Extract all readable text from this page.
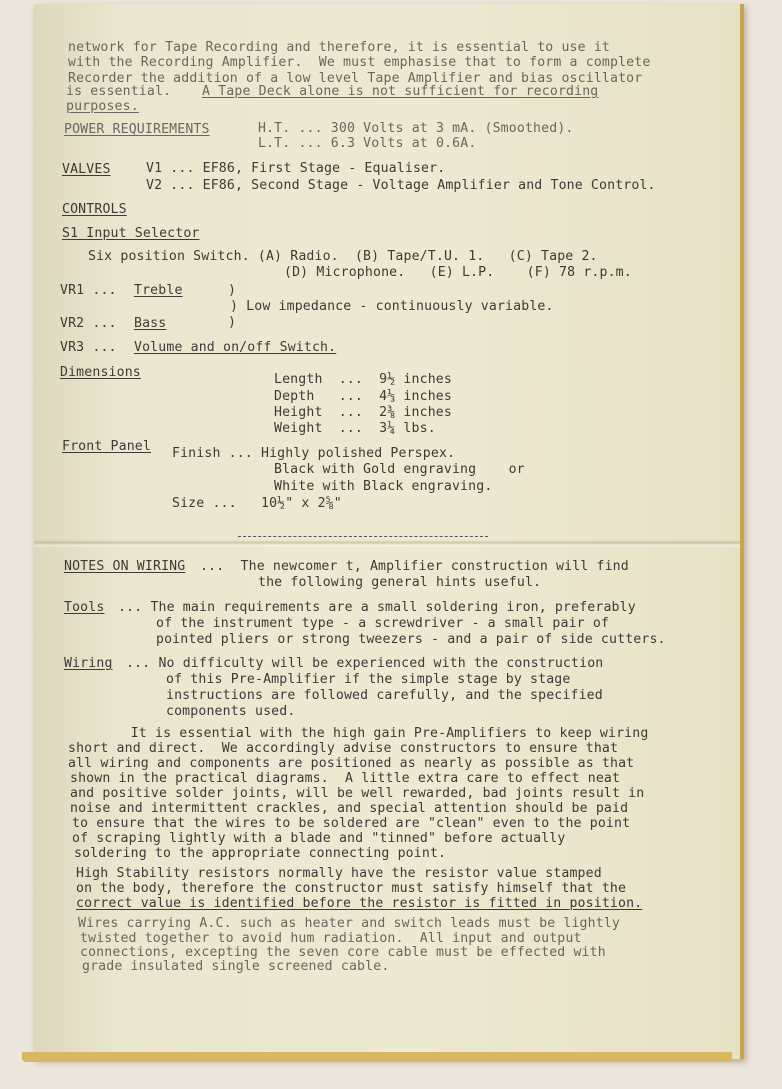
network for Tape Recording and therefore, it is essential to use it
with the Recording Amplifier.  We must emphasise that to form a complete
Recorder the addition of a low level Tape Amplifier and bias oscillator
is essential. A Tape Deck alone is not sufficient for recording
purposes.
POWER REQUIREMENTS	H.T. ... 300 Volts at 3 mA. (Smoothed).
L.T. ... 6.3 Volts at 0.6A.
VALVES	V1 ... EF86, First Stage - Equaliser.
V2 ... EF86, Second Stage - Voltage Amplifier and Tone Control.
CONTROLS
S1 Input Selector
Six position Switch. (A) Radio.  (B) Tape/T.U. 1.   (C) Tape 2.
(D) Microphone.   (E) L.P.    (F) 78 r.p.m.
VR1 ... Treble	)
) Low impedance - continuously variable.
VR2 ... Bass	)
VR3 ... Volume and on/off Switch.
Dimensions	Length  ...  9½ inches
Depth   ...  4⅓ inches
Height  ...  2⅜ inches
Weight  ...  3¼ lbs.
Front Panel Finish ... Highly polished Perspex.
Black with Gold engraving    or
White with Black engraving.
Size ...   10½" x 2⅝"
NOTES ON WIRING ...  The newcomer t, Amplifier construction will find
the following general hints useful.
Tools ... The main requirements are a small soldering iron, preferably
of the instrument type - a screwdriver - a small pair of
pointed pliers or strong tweezers - and a pair of side cutters.
Wiring ... No difficulty will be experienced with the construction
of this Pre-Amplifier if the simple stage by stage
instructions are followed carefully, and the specified
components used.
It is essential with the high gain Pre-Amplifiers to keep wiring
short and direct.  We accordingly advise constructors to ensure that
all wiring and components are positioned as nearly as possible as that
shown in the practical diagrams.  A little extra care to effect neat
and positive solder joints, will be well rewarded, bad joints result in
noise and intermittent crackles, and special attention should be paid
to ensure that the wires to be soldered are "clean" even to the point
of scraping lightly with a blade and "tinned" before actually
soldering to the appropriate connecting point.
High Stability resistors normally have the resistor value stamped
on the body, therefore the constructor must satisfy himself that the
correct value is identified before the resistor is fitted in position.
Wires carrying A.C. such as heater and switch leads must be lightly
twisted together to avoid hum radiation.  All input and output
connections, excepting the seven core cable must be effected with
grade insulated single screened cable.
